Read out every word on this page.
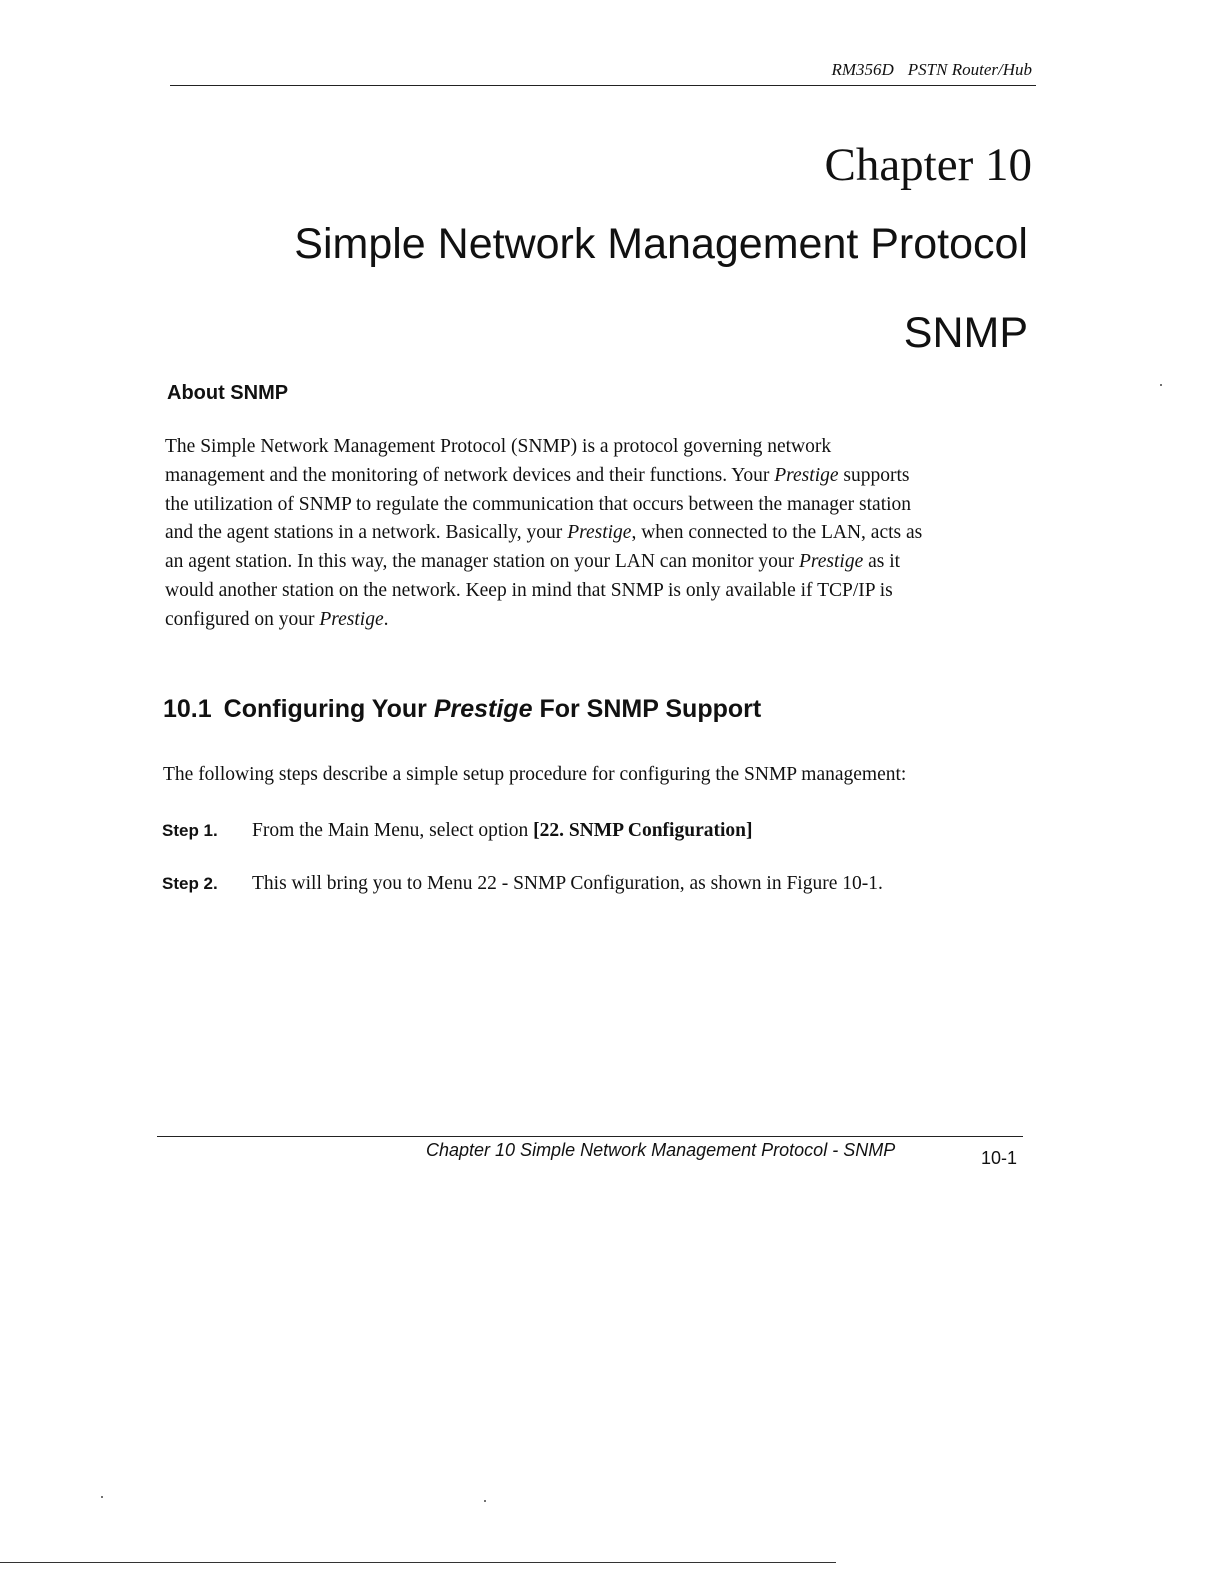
RM356D PSTN Router/Hub
Chapter 10
Simple Network Management Protocol
SNMP
About SNMP
The Simple Network Management Protocol (SNMP) is a protocol governing network
management and the monitoring of network devices and their functions. Your Prestige supports
the utilization of SNMP to regulate the communication that occurs between the manager station
and the agent stations in a network. Basically, your Prestige, when connected to the LAN, acts as
an agent station. In this way, the manager station on your LAN can monitor your Prestige as it
would another station on the network. Keep in mind that SNMP is only available if TCP/IP is
configured on your Prestige.
10.1 Configuring Your Prestige For SNMP Support
The following steps describe a simple setup procedure for configuring the SNMP management:
Step 1. From the Main Menu, select option [22. SNMP Configuration]
Step 2. This will bring you to Menu 22 - SNMP Configuration, as shown in Figure 10-1.
Chapter 10 Simple Network Management Protocol - SNMP	10-1
